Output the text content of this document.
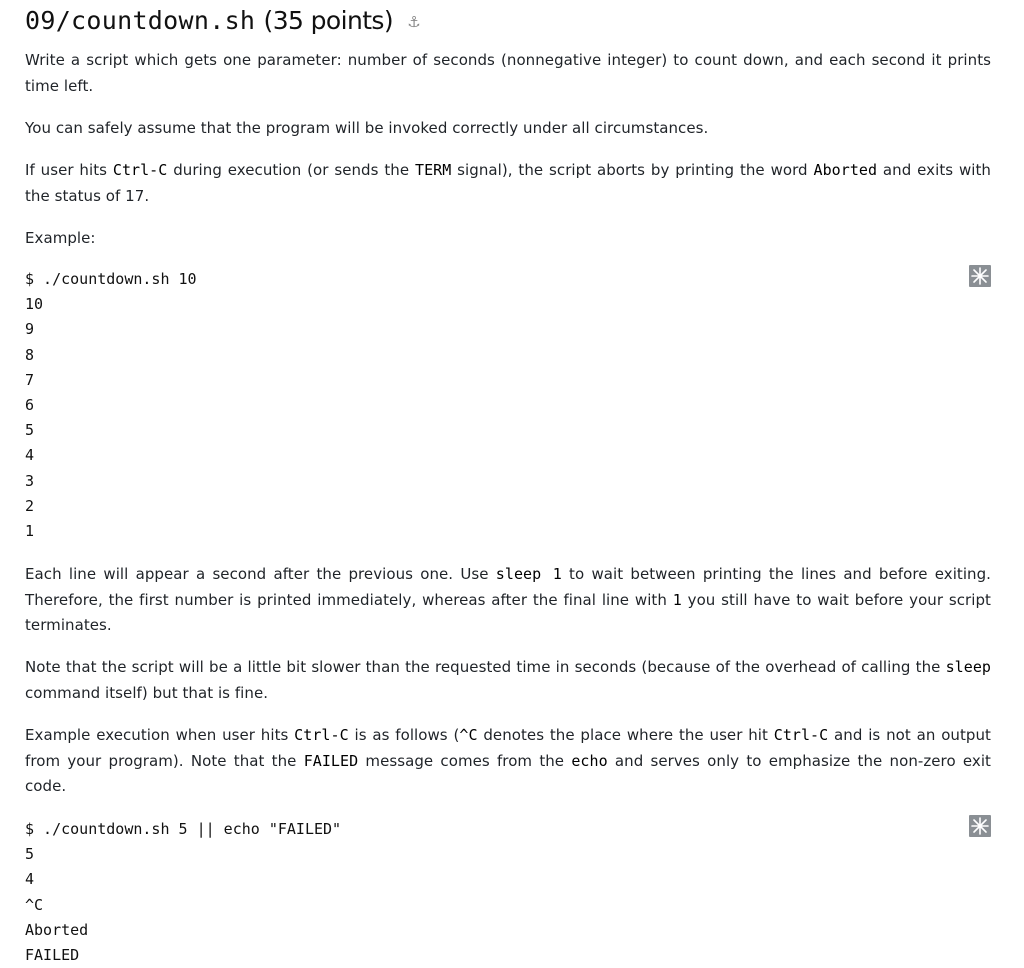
09/countdown.sh (35 points) ⚓

Write a script which gets one parameter: number of seconds (nonnegative integer) to count down, and each second it prints time left.

You can safely assume that the program will be invoked correctly under all circumstances.

If user hits Ctrl-C during execution (or sends the TERM signal), the script aborts by printing the word Aborted and exits with the status of 17.

Example:

$ ./countdown.sh 10
10
9
8
7
6
5
4
3
2
1

Each line will appear a second after the previous one. Use sleep 1 to wait between printing the lines and before exiting. Therefore, the first number is printed immediately, whereas after the final line with 1 you still have to wait before your script terminates.

Note that the script will be a little bit slower than the requested time in seconds (because of the overhead of calling the sleep command itself) but that is fine.

Example execution when user hits Ctrl-C is as follows (^C denotes the place where the user hit Ctrl-C and is not an output from your program). Note that the FAILED message comes from the echo and serves only to emphasize the non-zero exit code.

$ ./countdown.sh 5 || echo "FAILED"
5
4
^C
Aborted
FAILED
